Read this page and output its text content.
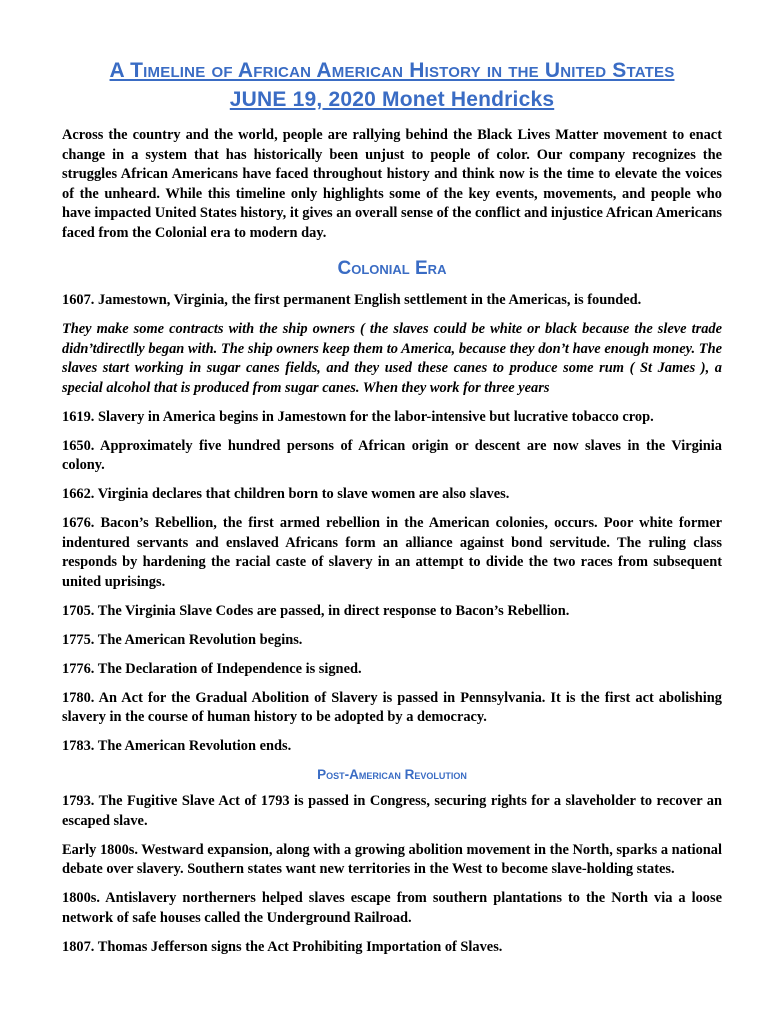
A Timeline of African American History in the United States
JUNE 19, 2020 Monet Hendricks

Across the country and the world, people are rallying behind the Black Lives Matter movement to enact change in a system that has historically been unjust to people of color. Our company recognizes the struggles African Americans have faced throughout history and think now is the time to elevate the voices of the unheard. While this timeline only highlights some of the key events, movements, and people who have impacted United States history, it gives an overall sense of the conflict and injustice African Americans faced from the Colonial era to modern day.

Colonial Era

1607. Jamestown, Virginia, the first permanent English settlement in the Americas, is founded.

They make some contracts with the ship owners ( the slaves could be white or black because the sleve trade didn’tdirectlly began with. The ship owners keep them to America, because they don’t have enough money. The slaves start working in sugar canes fields, and they used these canes to produce some rum ( St James ), a special alcohol that is produced from sugar canes. When they work for three years

1619. Slavery in America begins in Jamestown for the labor-intensive but lucrative tobacco crop.

1650. Approximately five hundred persons of African origin or descent are now slaves in the Virginia colony.

1662. Virginia declares that children born to slave women are also slaves.

1676. Bacon’s Rebellion, the first armed rebellion in the American colonies, occurs. Poor white former indentured servants and enslaved Africans form an alliance against bond servitude. The ruling class responds by hardening the racial caste of slavery in an attempt to divide the two races from subsequent united uprisings.

1705. The Virginia Slave Codes are passed, in direct response to Bacon’s Rebellion.

1775. The American Revolution begins.

1776. The Declaration of Independence is signed.

1780. An Act for the Gradual Abolition of Slavery is passed in Pennsylvania. It is the first act abolishing slavery in the course of human history to be adopted by a democracy.

1783. The American Revolution ends.

Post-American Revolution

1793. The Fugitive Slave Act of 1793 is passed in Congress, securing rights for a slaveholder to recover an escaped slave.

Early 1800s. Westward expansion, along with a growing abolition movement in the North, sparks a national debate over slavery. Southern states want new territories in the West to become slave-holding states.

1800s. Antislavery northerners helped slaves escape from southern plantations to the North via a loose network of safe houses called the Underground Railroad.

1807. Thomas Jefferson signs the Act Prohibiting Importation of Slaves.
